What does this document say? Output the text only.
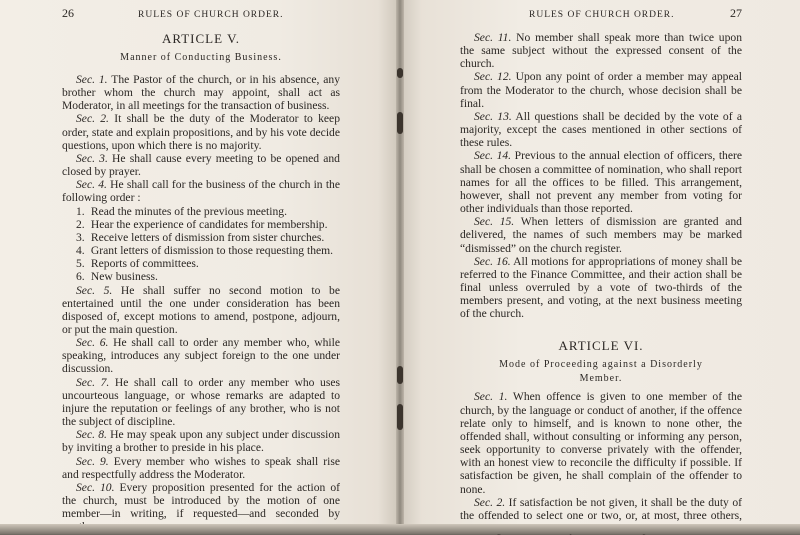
26	RULES OF CHURCH ORDER.
ARTICLE V.
Manner of Conducting Business.

Sec. 1. The Pastor of the church, or in his absence, any brother whom the church may appoint, shall act as Moderator, in all meetings for the transaction of business.

Sec. 2. It shall be the duty of the Moderator to keep order, state and explain propositions, and by his vote decide questions, upon which there is no majority.

Sec. 3. He shall cause every meeting to be opened and closed by prayer.

Sec. 4. He shall call for the business of the church in the following order :

1. Read the minutes of the previous meeting.
2. Hear the experience of candidates for membership.
3. Receive letters of dismission from sister churches.
4. Grant letters of dismission to those requesting them.
5. Reports of committees.
6. New business.

Sec. 5. He shall suffer no second motion to be entertained until the one under consideration has been disposed of, except motions to amend, postpone, adjourn, or put the main question.

Sec. 6. He shall call to order any member who, while speaking, introduces any subject foreign to the one under discussion.

Sec. 7. He shall call to order any member who uses uncourteous language, or whose remarks are adapted to injure the reputation or feelings of any brother, who is not the subject of discipline.

Sec. 8. He may speak upon any subject under discussion by inviting a brother to preside in his place.

Sec. 9. Every member who wishes to speak shall rise and respectfully address the Moderator.

Sec. 10. Every proposition presented for the action of the church, must be introduced by the motion of one member—in writing, if requested—and seconded by

RULES OF CHURCH ORDER.	27

Sec. 11. No member shall speak more than twice upon the same subject without the expressed consent of the church.

Sec. 12. Upon any point of order a member may appeal from the Moderator to the church, whose decision shall be final.

Sec. 13. All questions shall be decided by the vote of a majority, except the cases mentioned in other sections of these rules.

Sec. 14. Previous to the annual election of officers, there shall be chosen a committee of nomination, who shall report names for all the offices to be filled. This arrangement, however, shall not prevent any member from voting for other individuals than those reported.

Sec. 15. When letters of dismission are granted and delivered, the names of such members may be marked “dismissed” on the church register.

Sec. 16. All motions for appropriations of money shall be referred to the Finance Committee, and their action shall be final unless overruled by a vote of two-thirds of the members present, and voting, at the next business meeting of the church.

ARTICLE VI.
Mode of Proceeding against a Disorderly
Member.

Sec. 1. When offence is given to one member of the church, by the language or conduct of another, if the offence relate only to himself, and is known to none other, the offended shall, without consulting or informing any person, seek opportunity to converse privately with the offender, with an honest view to reconcile the difficulty if possible. If satisfaction be given, he shall complain of the offender to none.

Sec. 2. If satisfaction be not given, it shall be the duty of the offended to select one or two, or, at most, three others,
